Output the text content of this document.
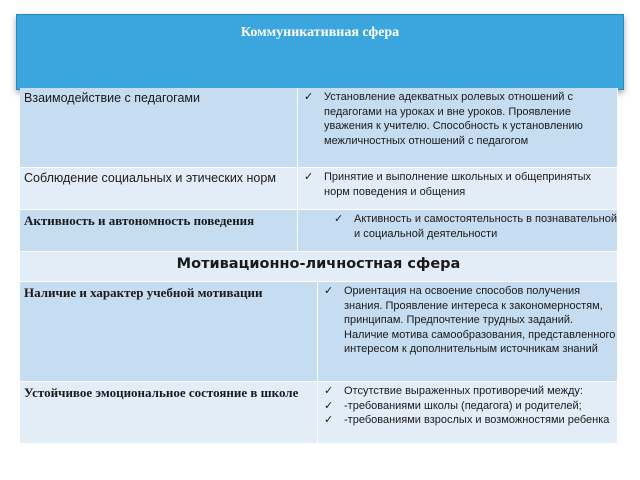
Коммуникативная сфера
Взаимодействие с педагогами	✓ Установление адекватных ролевых отношений с педагогами на уроках и вне уроков. Проявление уважения к учителю. Способность к установлению межличностных отношений с педагогом
Соблюдение социальных и этических норм	✓ Принятие и выполнение школьных и общепринятых норм поведения и общения
Активность и автономность поведения	✓ Активность и самостоятельность в познавательной и социальной деятельности
Мотивационно-личностная сфера
Наличие и характер учебной мотивации	✓ Ориентация на освоение способов получения знания. Проявление интереса к закономерностям, принципам. Предпочтение трудных заданий. Наличие мотива самообразования, представленного интересом к дополнительным источникам знаний
Устойчивое эмоциональное состояние в школе	✓ Отсутствие выраженных противоречий между:
✓ -требованиями школы (педагога) и родителей;
✓ -требованиями взрослых и возможностями ребенка
